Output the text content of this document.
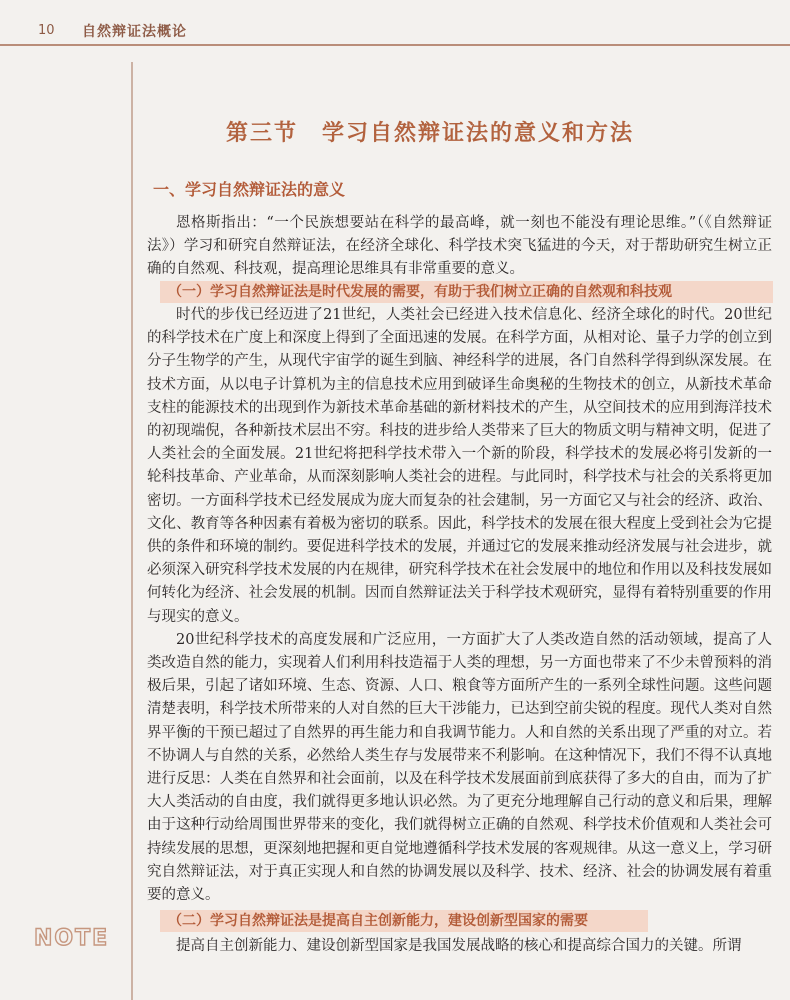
10 自然辩证法概论
第三节　学习自然辩证法的意义和方法
一、学习自然辩证法的意义

恩格斯指出：“一个民族想要站在科学的最高峰，就一刻也不能没有理论思维。”（《自然辩证法》）学习和研究自然辩证法，在经济全球化、科学技术突飞猛进的今天，对于帮助研究生树立正确的自然观、科技观，提高理论思维具有非常重要的意义。

（一）学习自然辩证法是时代发展的需要，有助于我们树立正确的自然观和科技观

时代的步伐已经迈进了21世纪，人类社会已经进入技术信息化、经济全球化的时代。20世纪的科学技术在广度上和深度上得到了全面迅速的发展。在科学方面，从相对论、量子力学的创立到分子生物学的产生，从现代宇宙学的诞生到脑、神经科学的进展，各门自然科学得到纵深发展。在技术方面，从以电子计算机为主的信息技术应用到破译生命奥秘的生物技术的创立，从新技术革命支柱的能源技术的出现到作为新技术革命基础的新材料技术的产生，从空间技术的应用到海洋技术的初现端倪，各种新技术层出不穷。科技的进步给人类带来了巨大的物质文明与精神文明，促进了人类社会的全面发展。21世纪将把科学技术带入一个新的阶段，科学技术的发展必将引发新的一轮科技革命、产业革命，从而深刻影响人类社会的进程。与此同时，科学技术与社会的关系将更加密切。一方面科学技术已经发展成为庞大而复杂的社会建制，另一方面它又与社会的经济、政治、文化、教育等各种因素有着极为密切的联系。因此，科学技术的发展在很大程度上受到社会为它提供的条件和环境的制约。要促进科学技术的发展，并通过它的发展来推动经济发展与社会进步，就必须深入研究科学技术发展的内在规律，研究科学技术在社会发展中的地位和作用以及科技发展如何转化为经济、社会发展的机制。因而自然辩证法关于科学技术观研究，显得有着特别重要的作用与现实的意义。

20世纪科学技术的高度发展和广泛应用，一方面扩大了人类改造自然的活动领域，提高了人类改造自然的能力，实现着人们利用科技造福于人类的理想，另一方面也带来了不少未曾预料的消极后果，引起了诸如环境、生态、资源、人口、粮食等方面所产生的一系列全球性问题。这些问题清楚表明，科学技术所带来的人对自然的巨大干涉能力，已达到空前尖锐的程度。现代人类对自然界平衡的干预已超过了自然界的再生能力和自我调节能力。人和自然的关系出现了严重的对立。若不协调人与自然的关系，必然给人类生存与发展带来不利影响。在这种情况下，我们不得不认真地进行反思：人类在自然界和社会面前，以及在科学技术发展面前到底获得了多大的自由，而为了扩大人类活动的自由度，我们就得更多地认识必然。为了更充分地理解自己行动的意义和后果，理解由于这种行动给周围世界带来的变化，我们就得树立正确的自然观、科学技术价值观和人类社会可持续发展的思想，更深刻地把握和更自觉地遵循科学技术发展的客观规律。从这一意义上，学习研究自然辩证法，对于真正实现人和自然的协调发展以及科学、技术、经济、社会的协调发展有着重要的意义。

（二）学习自然辩证法是提高自主创新能力，建设创新型国家的需要

提高自主创新能力、建设创新型国家是我国发展战略的核心和提高综合国力的关键。所谓

NOTE
